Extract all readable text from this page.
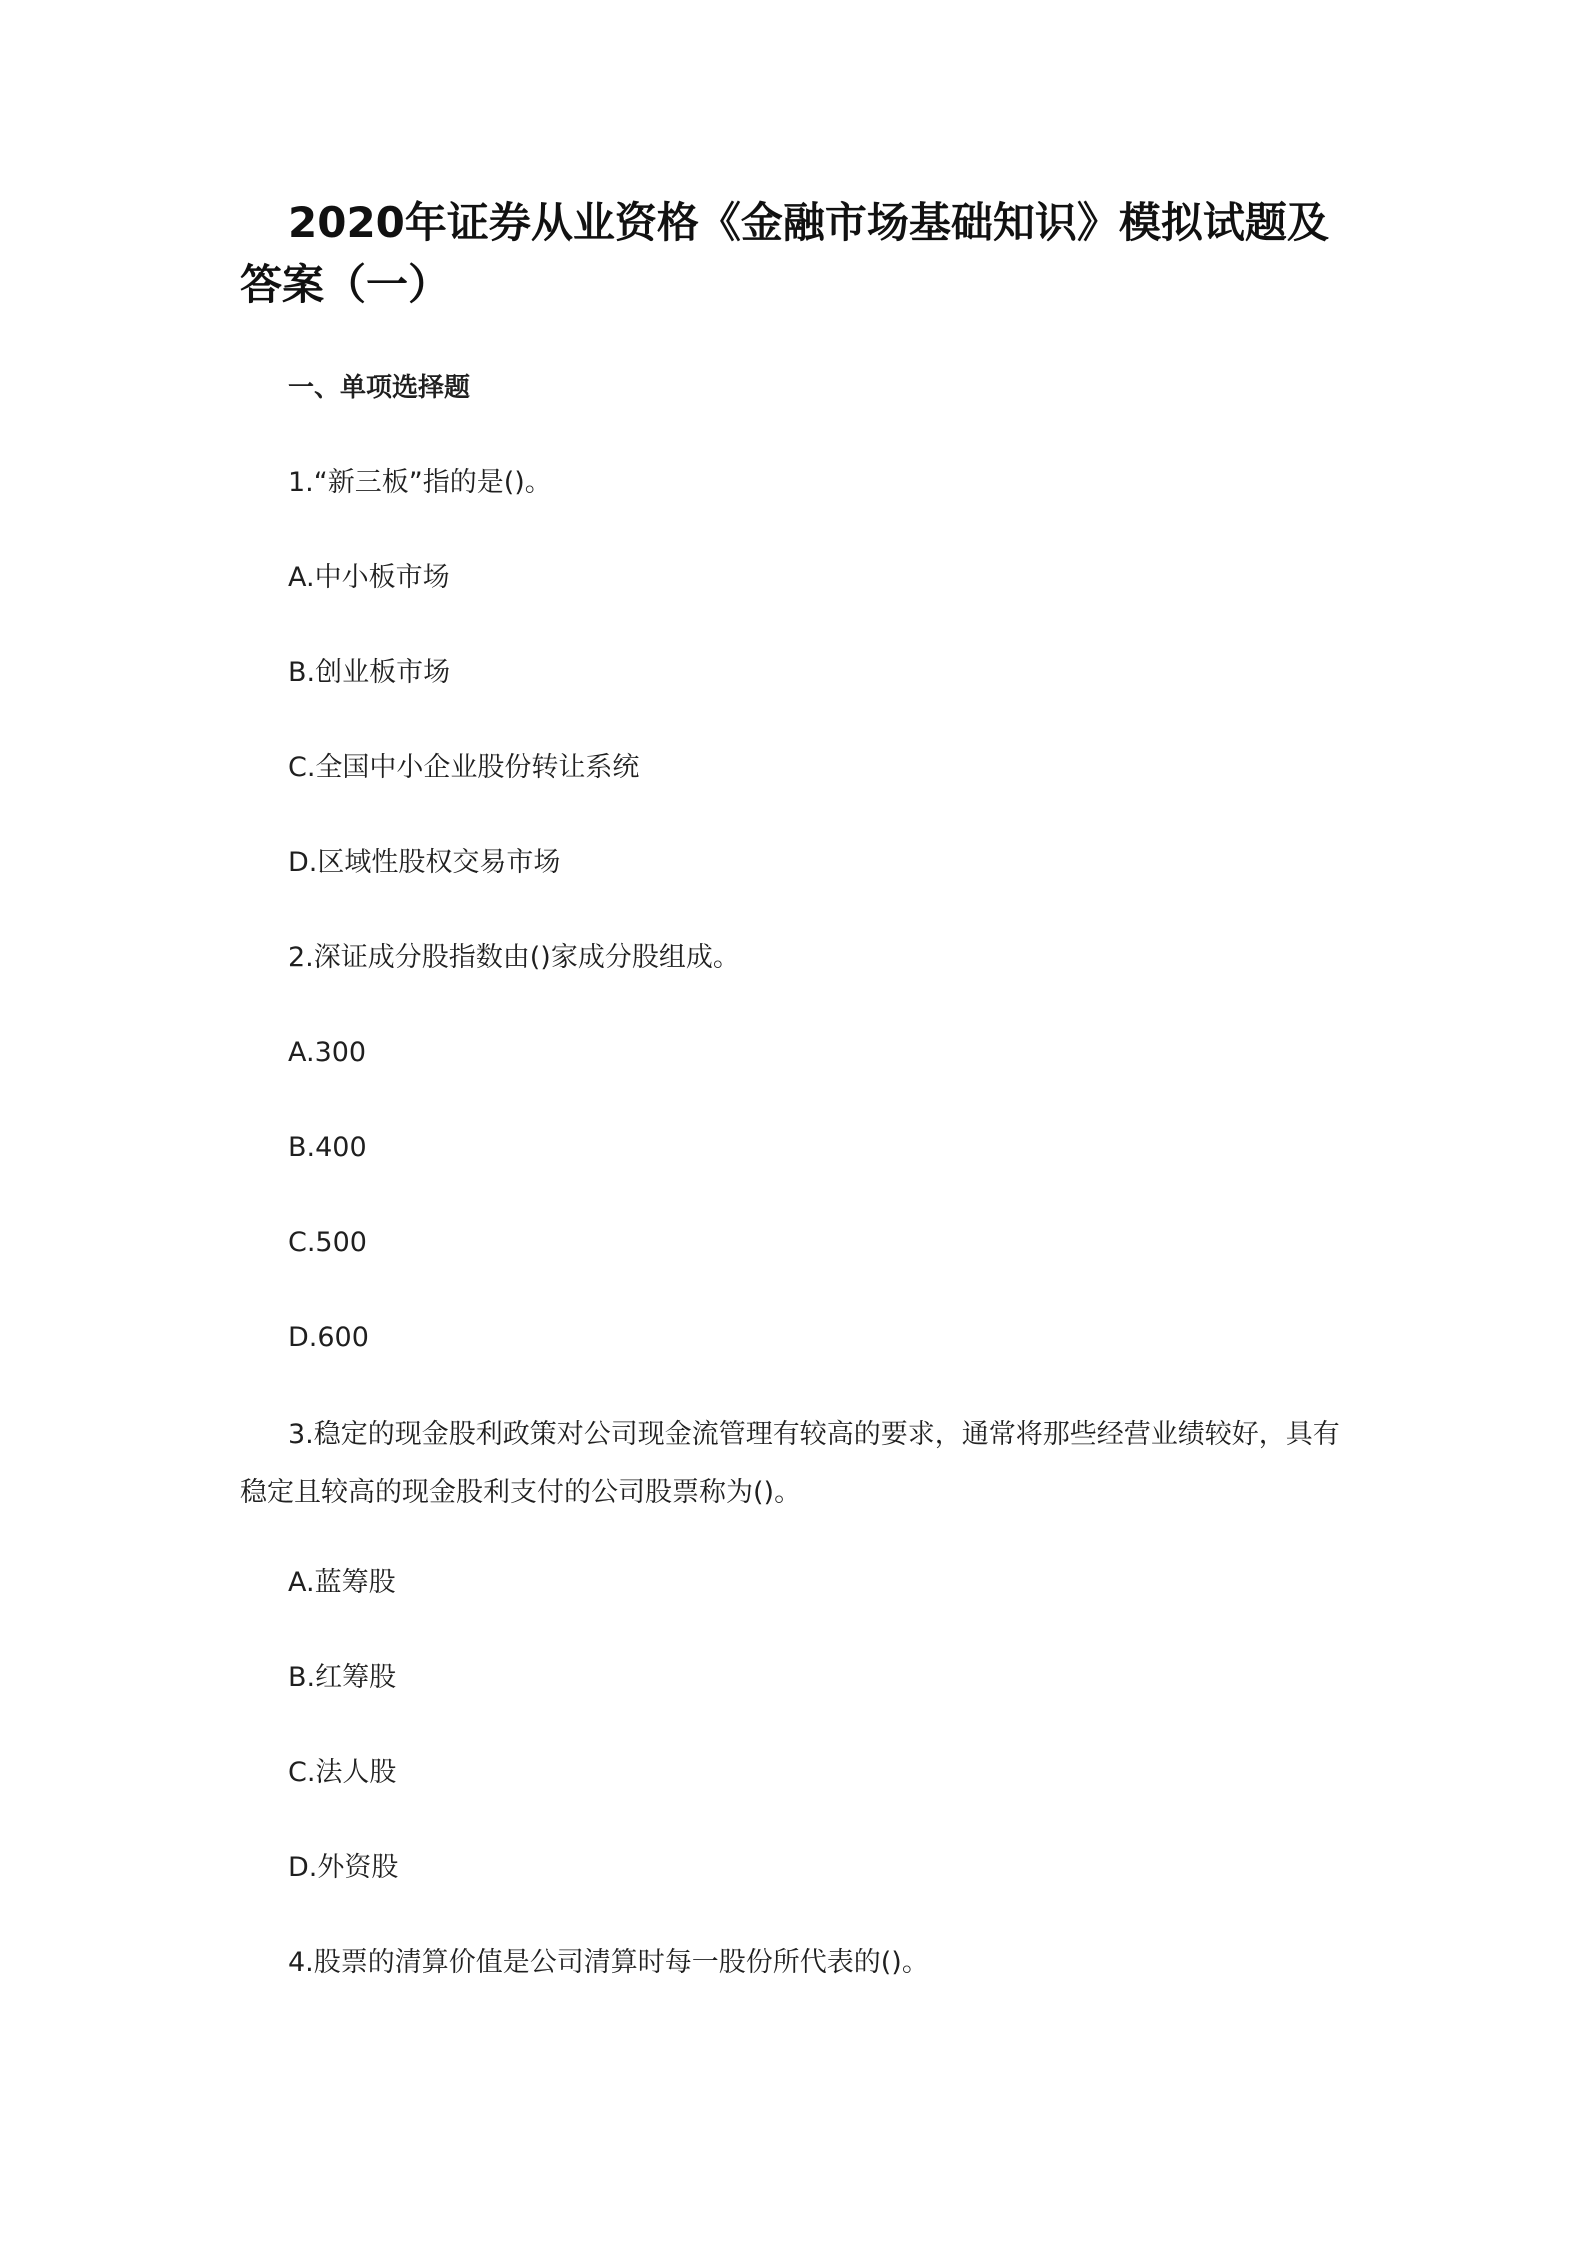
2020年证券从业资格《金融市场基础知识》模拟试题及答案（一）
一、单项选择题
1.“新三板”指的是()。
A.中小板市场
B.创业板市场
C.全国中小企业股份转让系统
D.区域性股权交易市场
2.深证成分股指数由()家成分股组成。
A.300
B.400
C.500
D.600

3.稳定的现金股利政策对公司现金流管理有较高的要求，通常将那些经营业绩较好，具有稳定且较高的现金股利支付的公司股票称为()。

A.蓝筹股
B.红筹股
C.法人股
D.外资股
4.股票的清算价值是公司清算时每一股份所代表的()。
